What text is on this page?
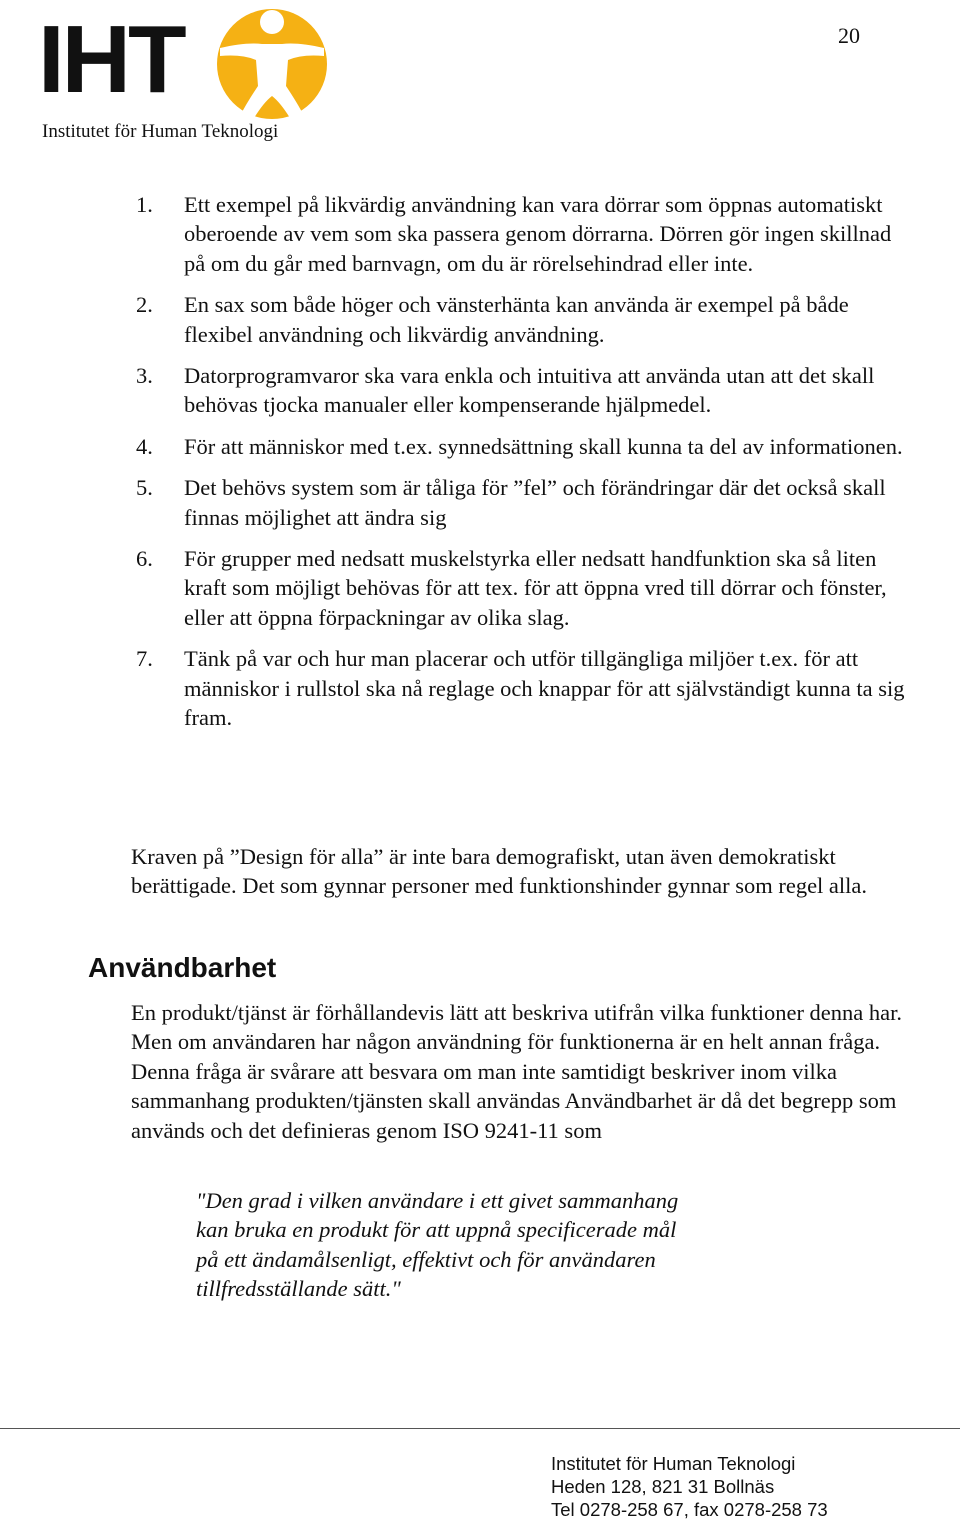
20
IHT
Institutet för Human Teknologi
1.	Ett exempel på likvärdig användning kan vara dörrar som öppnas automatiskt oberoende av vem som ska passera genom dörrarna. Dörren gör ingen skillnad på om du går med barnvagn, om du är rörelsehindrad eller inte.
2.	En sax som både höger och vänsterhänta kan använda är exempel på både flexibel användning och likvärdig användning.
3.	Datorprogramvaror ska vara enkla och intuitiva att använda utan att det skall behövas tjocka manualer eller kompenserande hjälpmedel.
4.	För att människor med t.ex. synnedsättning skall kunna ta del av informationen.
5.	Det behövs system som är tåliga för ”fel” och förändringar där det också skall finnas möjlighet att ändra sig
6.	För grupper med nedsatt muskelstyrka eller nedsatt handfunktion ska så liten kraft som möjligt behövas för att tex. för att öppna vred till dörrar och fönster, eller att öppna förpackningar av olika slag.
7.	Tänk på var och hur man placerar och utför tillgängliga miljöer t.ex. för att människor i rullstol ska nå reglage och knappar för att självständigt kunna ta sig fram.

Kraven på ”Design för alla” är inte bara demografiskt, utan även demokratiskt berättigade. Det som gynnar personer med funktionshinder gynnar som regel alla.

Användbarhet

En produkt/tjänst är förhållandevis lätt att beskriva utifrån vilka funktioner denna har. Men om användaren har någon användning för funktionerna är en helt annan fråga. Denna fråga är svårare att besvara om man inte samtidigt beskriver inom vilka sammanhang produkten/tjänsten skall användas Användbarhet är då det begrepp som används och det definieras genom ISO 9241-11 som

"Den grad i vilken användare i ett givet sammanhang
kan bruka en produkt för att uppnå specificerade mål
på ett ändamålsenligt, effektivt och för användaren
tillfredsställande sätt."

Institutet för Human Teknologi
Heden 128, 821 31 Bollnäs
Tel 0278-258 67, fax 0278-258 73
